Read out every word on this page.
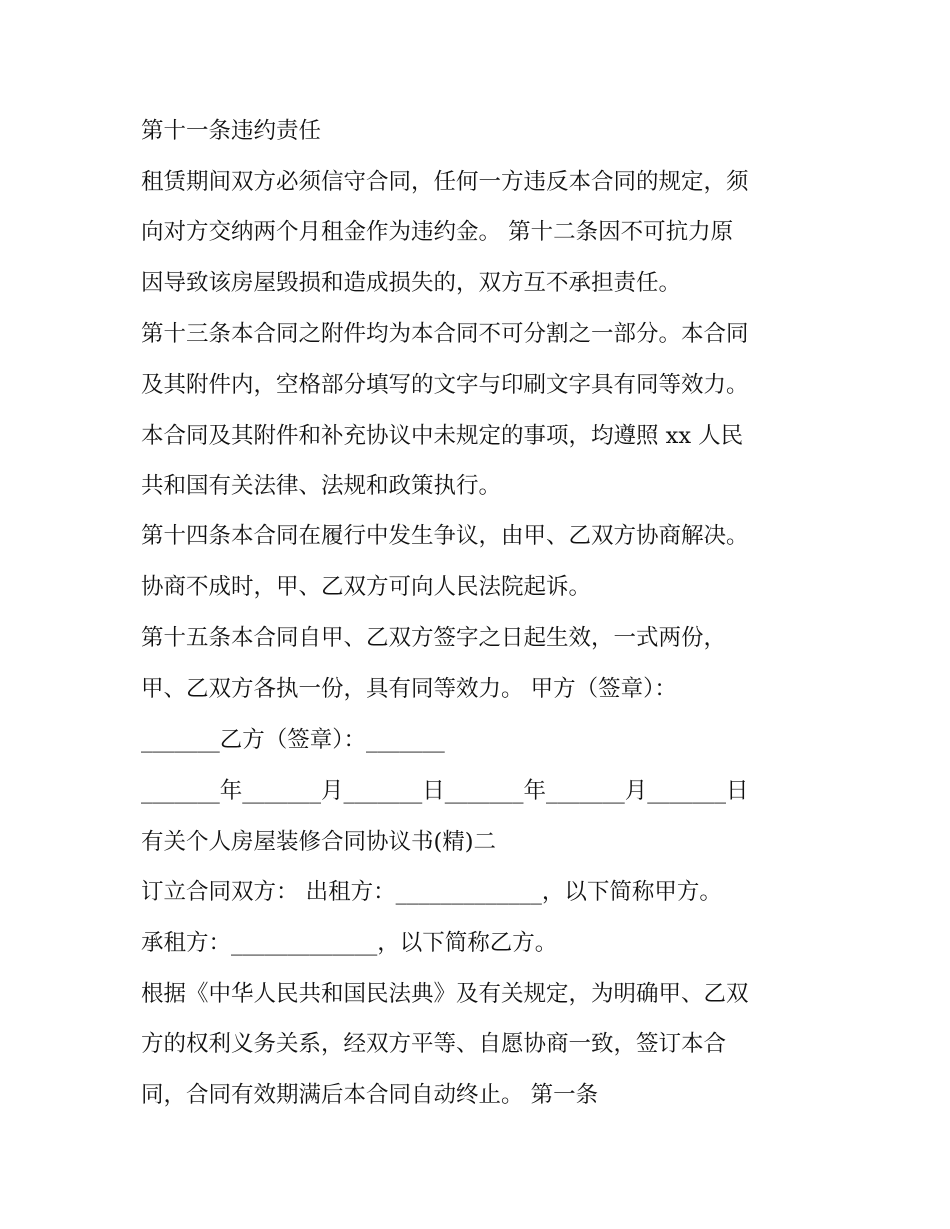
第十一条违约责任
租赁期间双方必须信守合同，任何一方违反本合同的规定，须
向对方交纳两个月租金作为违约金。 第十二条因不可抗力原
因导致该房屋毁损和造成损失的，双方互不承担责任。
第十三条本合同之附件均为本合同不可分割之一部分。本合同
及其附件内，空格部分填写的文字与印刷文字具有同等效力。
本合同及其附件和补充协议中未规定的事项，均遵照 xx 人民
共和国有关法律、法规和政策执行。
第十四条本合同在履行中发生争议，由甲、乙双方协商解决。
协商不成时，甲、乙双方可向人民法院起诉。
第十五条本合同自甲、乙双方签字之日起生效，一式两份，
甲、乙双方各执一份，具有同等效力。 甲方（签章）：
_______乙方（签章）：_______
_______年_______月_______日_______年_______月_______日
有关个人房屋装修合同协议书(精)二
订立合同双方： 出租方：_____________，以下简称甲方。
承租方：_____________，以下简称乙方。
根据《中华人民共和国民法典》及有关规定，为明确甲、乙双
方的权利义务关系，经双方平等、自愿协商一致，签订本合
同，合同有效期满后本合同自动终止。 第一条
